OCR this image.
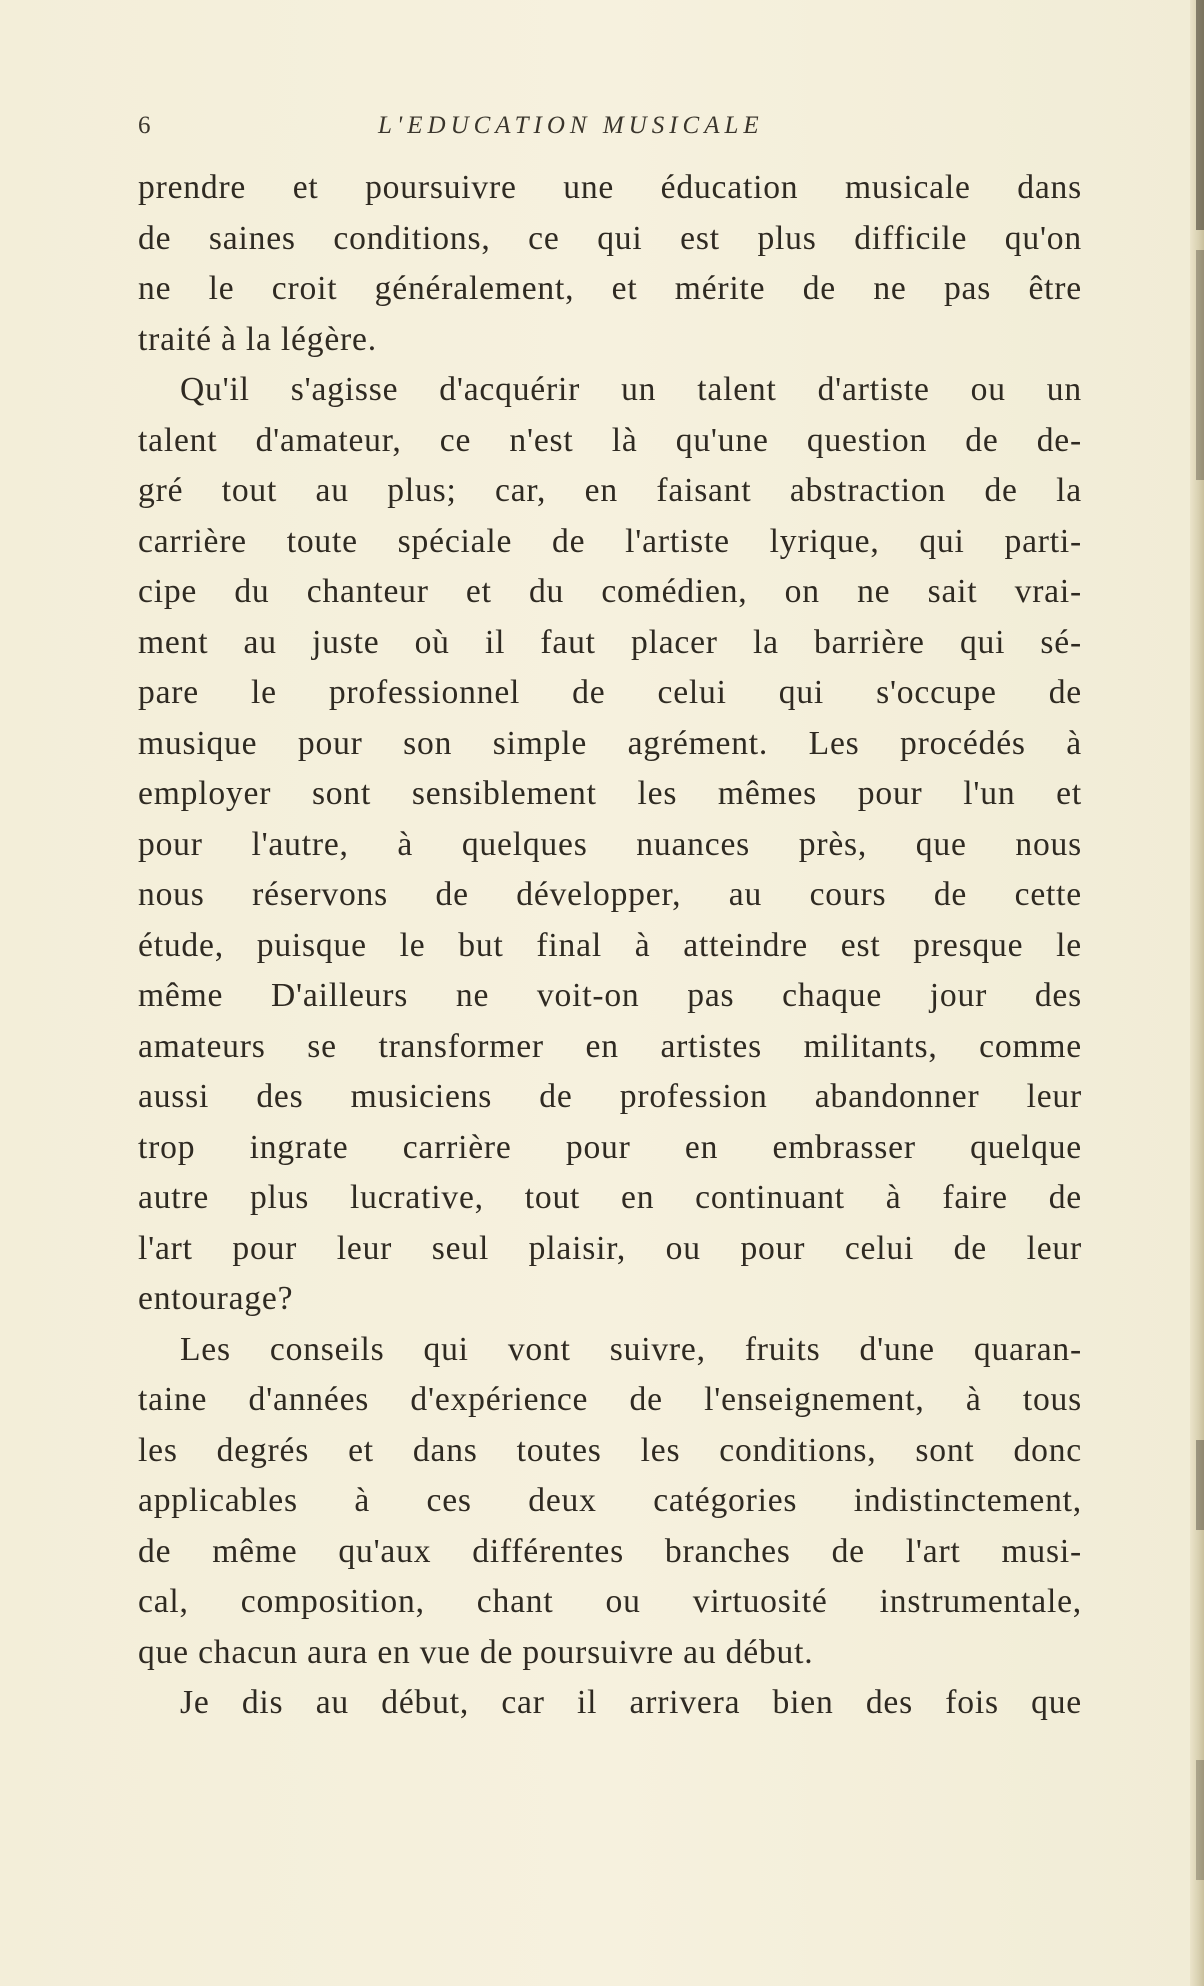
6	L'EDUCATION MUSICALE
prendre et poursuivre une éducation musicale dans
de saines conditions, ce qui est plus difficile qu'on
ne le croit généralement, et mérite de ne pas être
traité à la légère.
Qu'il s'agisse d'acquérir un talent d'artiste ou un
talent d'amateur, ce n'est là qu'une question de de-
gré tout au plus; car, en faisant abstraction de la
carrière toute spéciale de l'artiste lyrique, qui parti-
cipe du chanteur et du comédien, on ne sait vrai-
ment au juste où il faut placer la barrière qui sé-
pare le professionnel de celui qui s'occupe de
musique pour son simple agrément. Les procédés à
employer sont sensiblement les mêmes pour l'un et
pour l'autre, à quelques nuances près, que nous
nous réservons de développer, au cours de cette
étude, puisque le but final à atteindre est presque le
même D'ailleurs ne voit-on pas chaque jour des
amateurs se transformer en artistes militants, comme
aussi des musiciens de profession abandonner leur
trop ingrate carrière pour en embrasser quelque
autre plus lucrative, tout en continuant à faire de
l'art pour leur seul plaisir, ou pour celui de leur
entourage?
Les conseils qui vont suivre, fruits d'une quaran-
taine d'années d'expérience de l'enseignement, à tous
les degrés et dans toutes les conditions, sont donc
applicables à ces deux catégories indistinctement,
de même qu'aux différentes branches de l'art musi-
cal, composition, chant ou virtuosité instrumentale,
que chacun aura en vue de poursuivre au début.
Je dis au début, car il arrivera bien des fois que
